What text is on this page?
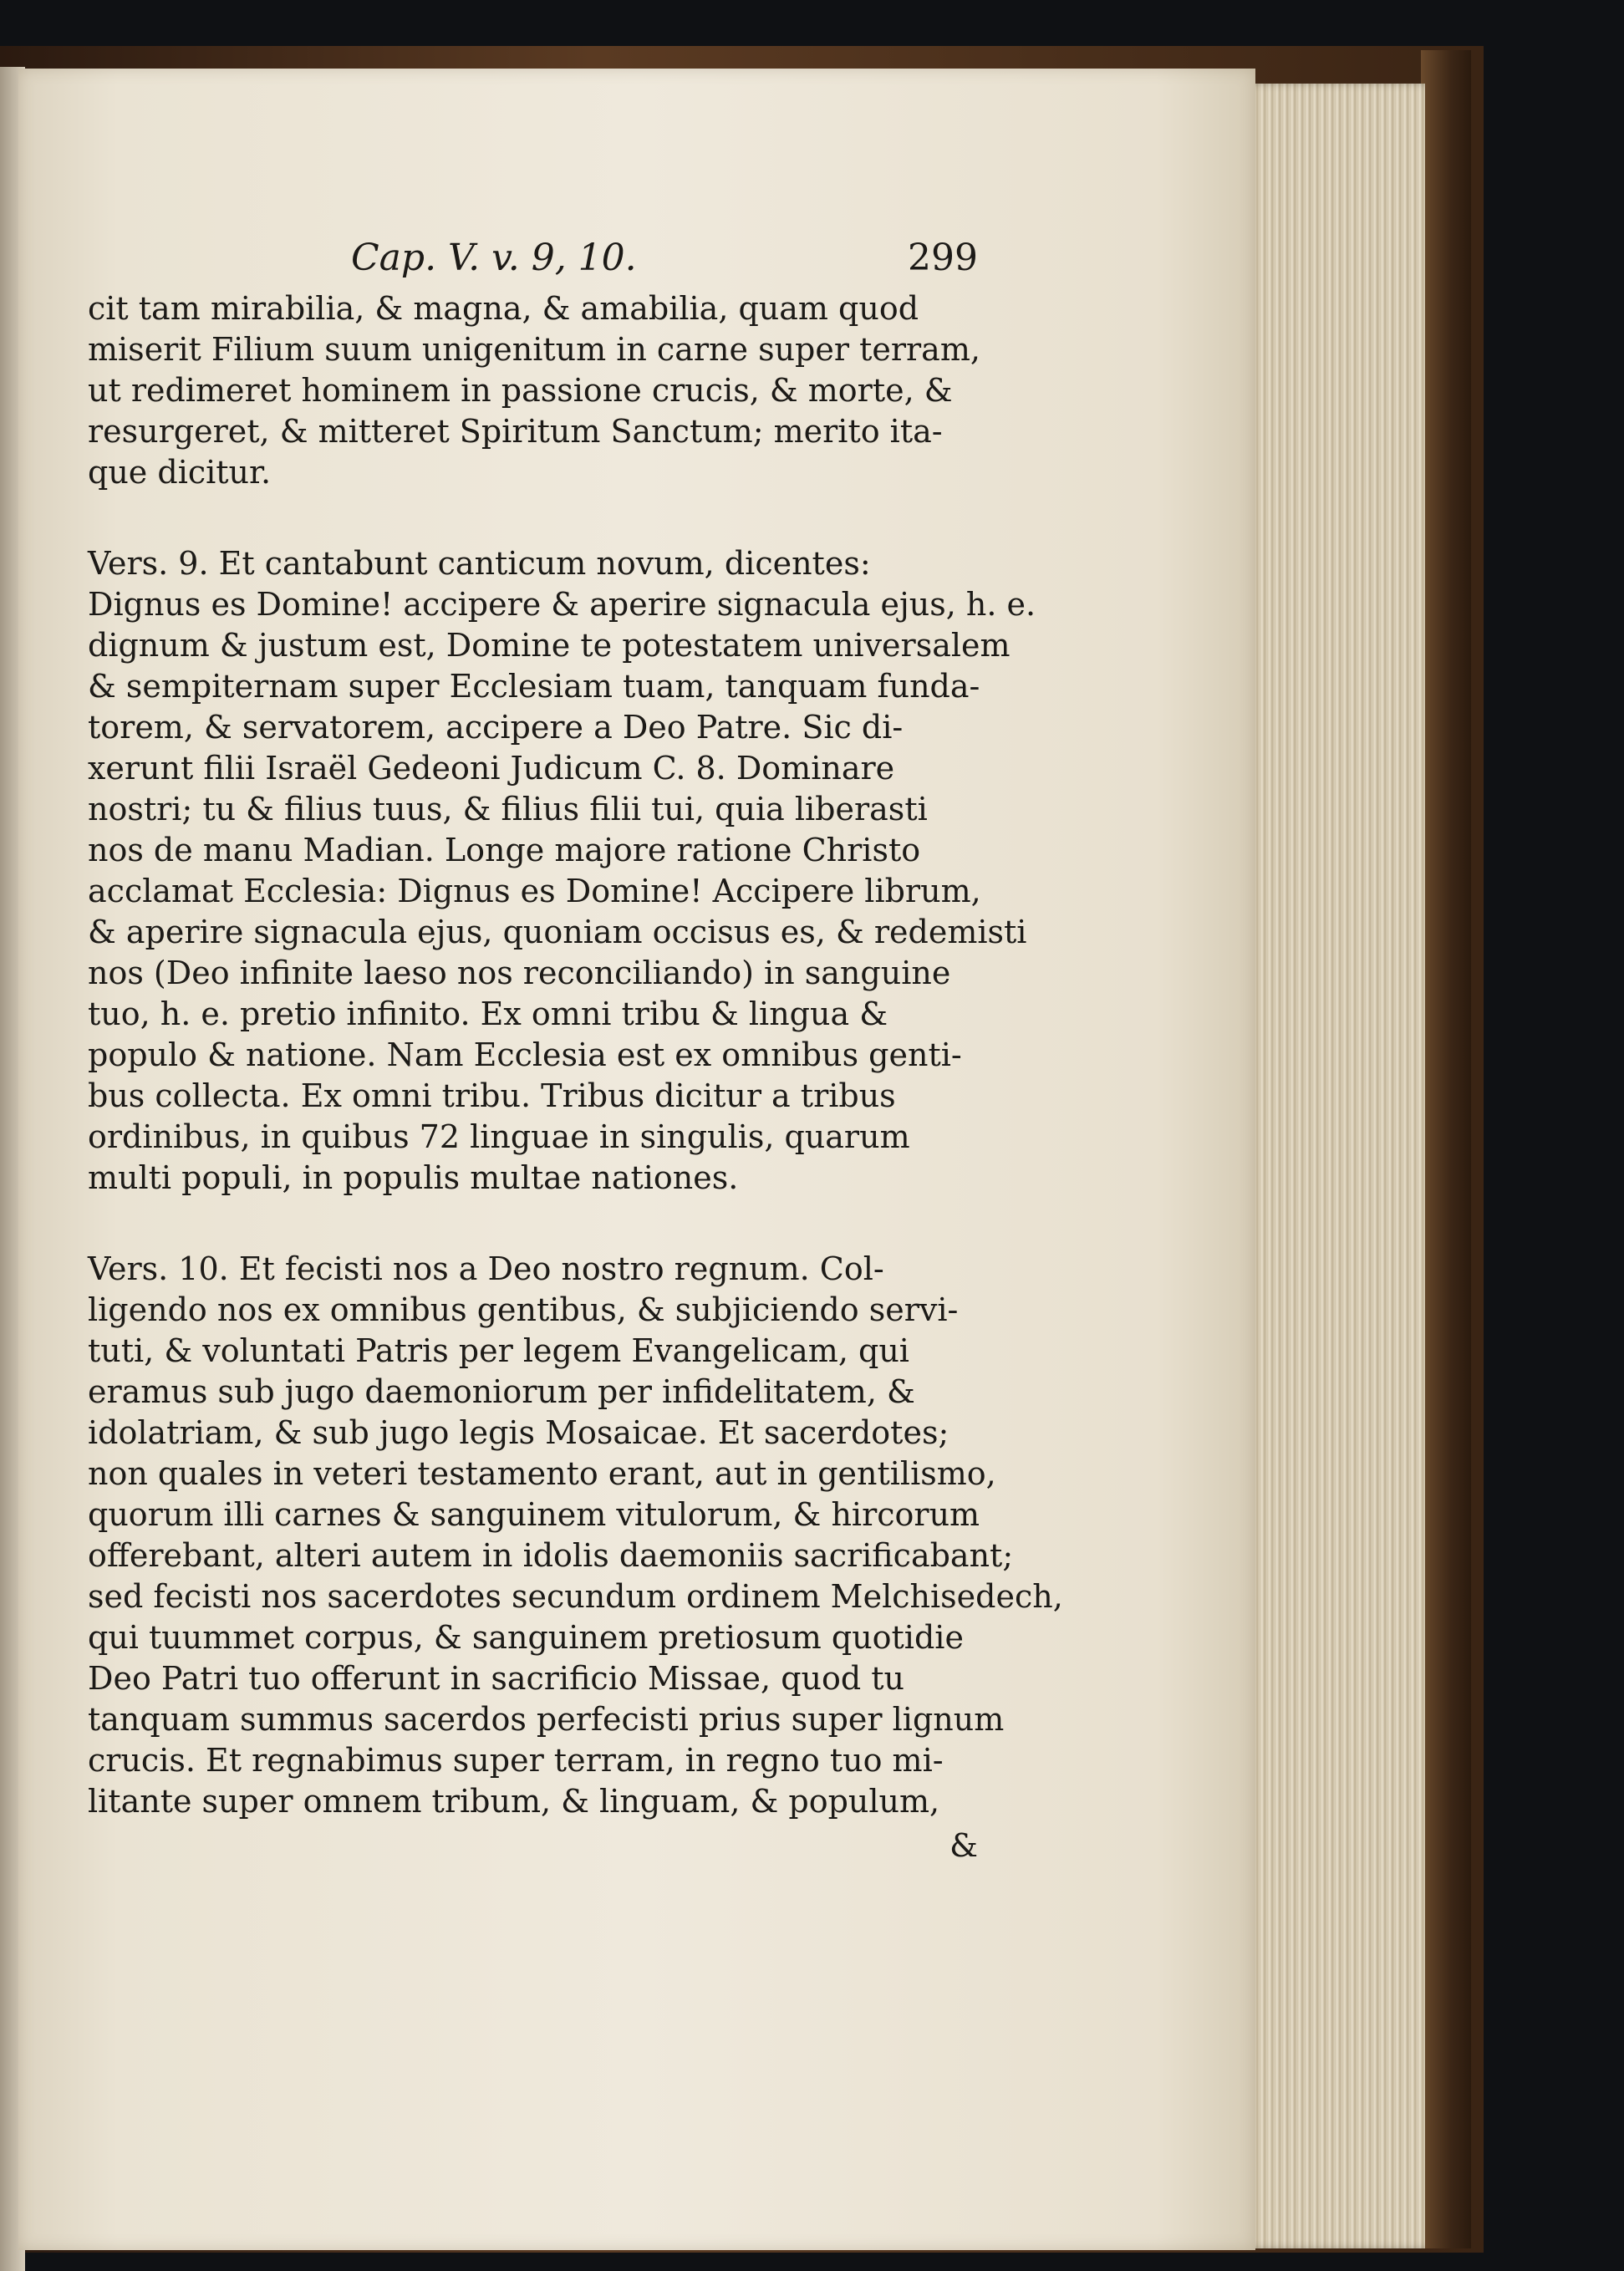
Cap. V. v. 9, 10.	299

cit tam mirabilia, & magna, & amabilia, quam quod
miserit Filium suum unigenitum in carne super terram,
ut redimeret hominem in passione crucis, & morte, &
resurgeret, & mitteret Spiritum Sanctum; merito ita-
que dicitur.

Vers. 9. Et cantabunt canticum novum, dicentes:
Dignus es Domine! accipere & aperire signacula ejus, h. e.
dignum & justum est, Domine te potestatem universalem
& sempiternam super Ecclesiam tuam, tanquam funda-
torem, & servatorem, accipere a Deo Patre. Sic di-
xerunt filii Israël Gedeoni Judicum C. 8. Dominare
nostri; tu & filius tuus, & filius filii tui, quia liberasti
nos de manu Madian. Longe majore ratione Christo
acclamat Ecclesia: Dignus es Domine! Accipere librum,
& aperire signacula ejus, quoniam occisus es, & redemisti
nos (Deo infinite laeso nos reconciliando) in sanguine
tuo, h. e. pretio infinito. Ex omni tribu & lingua &
populo & natione. Nam Ecclesia est ex omnibus genti-
bus collecta. Ex omni tribu. Tribus dicitur a tribus
ordinibus, in quibus 72 linguae in singulis, quarum
multi populi, in populis multae nationes.

Vers. 10. Et fecisti nos a Deo nostro regnum. Col-
ligendo nos ex omnibus gentibus, & subjiciendo servi-
tuti, & voluntati Patris per legem Evangelicam, qui
eramus sub jugo daemoniorum per infidelitatem, &
idolatriam, & sub jugo legis Mosaicae. Et sacerdotes;
non quales in veteri testamento erant, aut in gentilismo,
quorum illi carnes & sanguinem vitulorum, & hircorum
offerebant, alteri autem in idolis daemoniis sacrificabant;
sed fecisti nos sacerdotes secundum ordinem Melchisedech,
qui tuummet corpus, & sanguinem pretiosum quotidie
Deo Patri tuo offerunt in sacrificio Missae, quod tu
tanquam summus sacerdos perfecisti prius super lignum
crucis. Et regnabimus super terram, in regno tuo mi-
litante super omnem tribum, & linguam, & populum,

&
